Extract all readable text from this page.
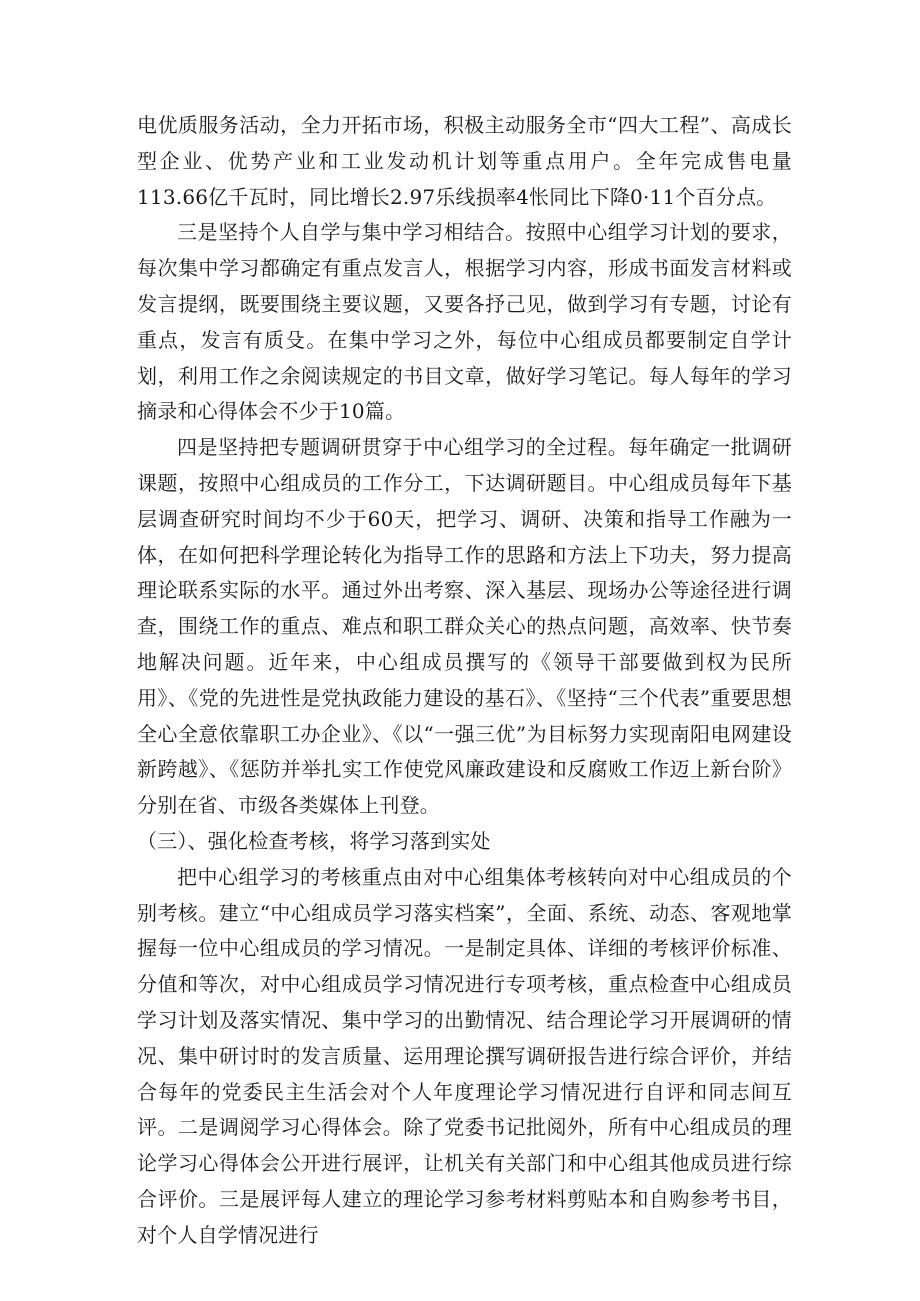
电优质服务活动，全力开拓市场，积极主动服务全市“四大工程”、高成长型企业、优势产业和工业发动机计划等重点用户。全年完成售电量113.66亿千瓦时，同比增长2.97乐线损率4怅同比下降0·11个百分点。

三是坚持个人自学与集中学习相结合。按照中心组学习计划的要求，每次集中学习都确定有重点发言人，根据学习内容，形成书面发言材料或发言提纲，既要围绕主要议题，又要各抒己见，做到学习有专题，讨论有重点，发言有质殳。在集中学习之外，每位中心组成员都要制定自学计划，利用工作之余阅读规定的书目文章，做好学习笔记。每人每年的学习摘录和心得体会不少于10篇。

四是坚持把专题调研贯穿于中心组学习的全过程。每年确定一批调研课题，按照中心组成员的工作分工，下达调研题目。中心组成员每年下基层调查研究时间均不少于60天，把学习、调研、决策和指导工作融为一体，在如何把科学理论转化为指导工作的思路和方法上下功夫，努力提高理论联系实际的水平。通过外出考察、深入基层、现场办公等途径进行调查，围绕工作的重点、难点和职工群众关心的热点问题，高效率、快节奏地解决问题。近年来，中心组成员撰写的《领导干部要做到权为民所用》、《党的先进性是党执政能力建设的基石》、《坚持“三个代表”重要思想全心全意依靠职工办企业》、《以“一强三优”为目标努力实现南阳电网建设新跨越》、《惩防并举扎实工作使党风廉政建设和反腐败工作迈上新台阶》分别在省、市级各类媒体上刊登。

（三）、强化检查考核，将学习落到实处

把中心组学习的考核重点由对中心组集体考核转向对中心组成员的个别考核。建立“中心组成员学习落实档案”，全面、系统、动态、客观地掌握每一位中心组成员的学习情况。一是制定具体、详细的考核评价标准、分值和等次，对中心组成员学习情况进行专项考核，重点检查中心组成员学习计划及落实情况、集中学习的出勤情况、结合理论学习开展调研的情况、集中研讨时的发言质量、运用理论撰写调研报告进行综合评价，并结合每年的党委民主生活会对个人年度理论学习情况进行自评和同志间互评。二是调阅学习心得体会。除了党委书记批阅外，所有中心组成员的理论学习心得体会公开进行展评，让机关有关部门和中心组其他成员进行综合评价。三是展评每人建立的理论学习参考材料剪贴本和自购参考书目，对个人自学情况进行
